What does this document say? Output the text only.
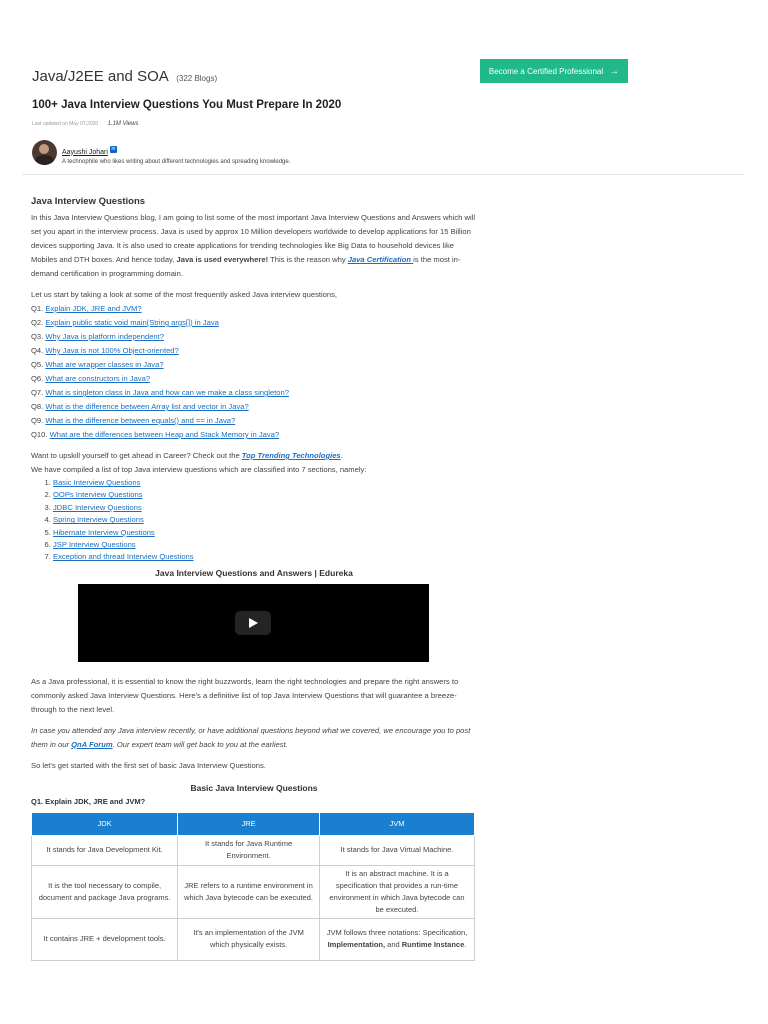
Java/J2EE and SOA (322 Blogs)
Become a Certified Professional →
100+ Java Interview Questions You Must Prepare In 2020
Last updated on May 07,2020 1.1M Views
Aayushi Johari in
A technophile who likes writing about different technologies and spreading knowledge.

Java Interview Questions

In this Java Interview Questions blog, I am going to list some of the most important Java Interview Questions and Answers which will set you apart in the interview process. Java is used by approx 10 Million developers worldwide to develop applications for 15 Billion devices supporting Java. It is also used to create applications for trending technologies like Big Data to household devices like Mobiles and DTH boxes. And hence today, Java is used everywhere! This is the reason why Java Certification is the most in-demand certification in programming domain.

Let us start by taking a look at some of the most frequently asked Java interview questions,

Q1. Explain JDK, JRE and JVM?
Q2. Explain public static void main(String args[]) in Java
Q3. Why Java is platform independent?
Q4. Why Java is not 100% Object-oriented?
Q5. What are wrapper classes in Java?
Q6. What are constructors in Java?
Q7. What is singleton class in Java and how can we make a class singleton?
Q8. What is the difference between Array list and vector in Java?
Q9. What is the difference between equals() and == in Java?
Q10. What are the differences between Heap and Stack Memory in Java?

Want to upskill yourself to get ahead in Career? Check out the Top Trending Technologies.

We have compiled a list of top Java interview questions which are classified into 7 sections, namely:

1. Basic Interview Questions
2. OOPs Interview Questions
3. JDBC Interview Questions
4. Spring Interview Questions
5. Hibernate Interview Questions
6. JSP Interview Questions
7. Exception and thread Interview Questions

Java Interview Questions and Answers | Edureka

As a Java professional, it is essential to know the right buzzwords, learn the right technologies and prepare the right answers to commonly asked Java Interview Questions. Here's a definitive list of top Java Interview Questions that will guarantee a breeze-through to the next level.

In case you attended any Java interview recently, or have additional questions beyond what we covered, we encourage you to post them in our QnA Forum. Our expert team will get back to you at the earliest.

So let's get started with the first set of basic Java Interview Questions.

Basic Java Interview Questions

Q1. Explain JDK, JRE and JVM?

JDK	JRE	JVM
It stands for Java Development Kit.	It stands for Java Runtime Environment.	It stands for Java Virtual Machine.
It is the tool necessary to compile, document and package Java programs.	JRE refers to a runtime environment in which Java bytecode can be executed.	It is an abstract machine. It is a specification that provides a run-time environment in which Java bytecode can be executed.
It contains JRE + development tools.	It's an implementation of the JVM which physically exists.	JVM follows three notations: Specification, Implementation, and Runtime Instance.
